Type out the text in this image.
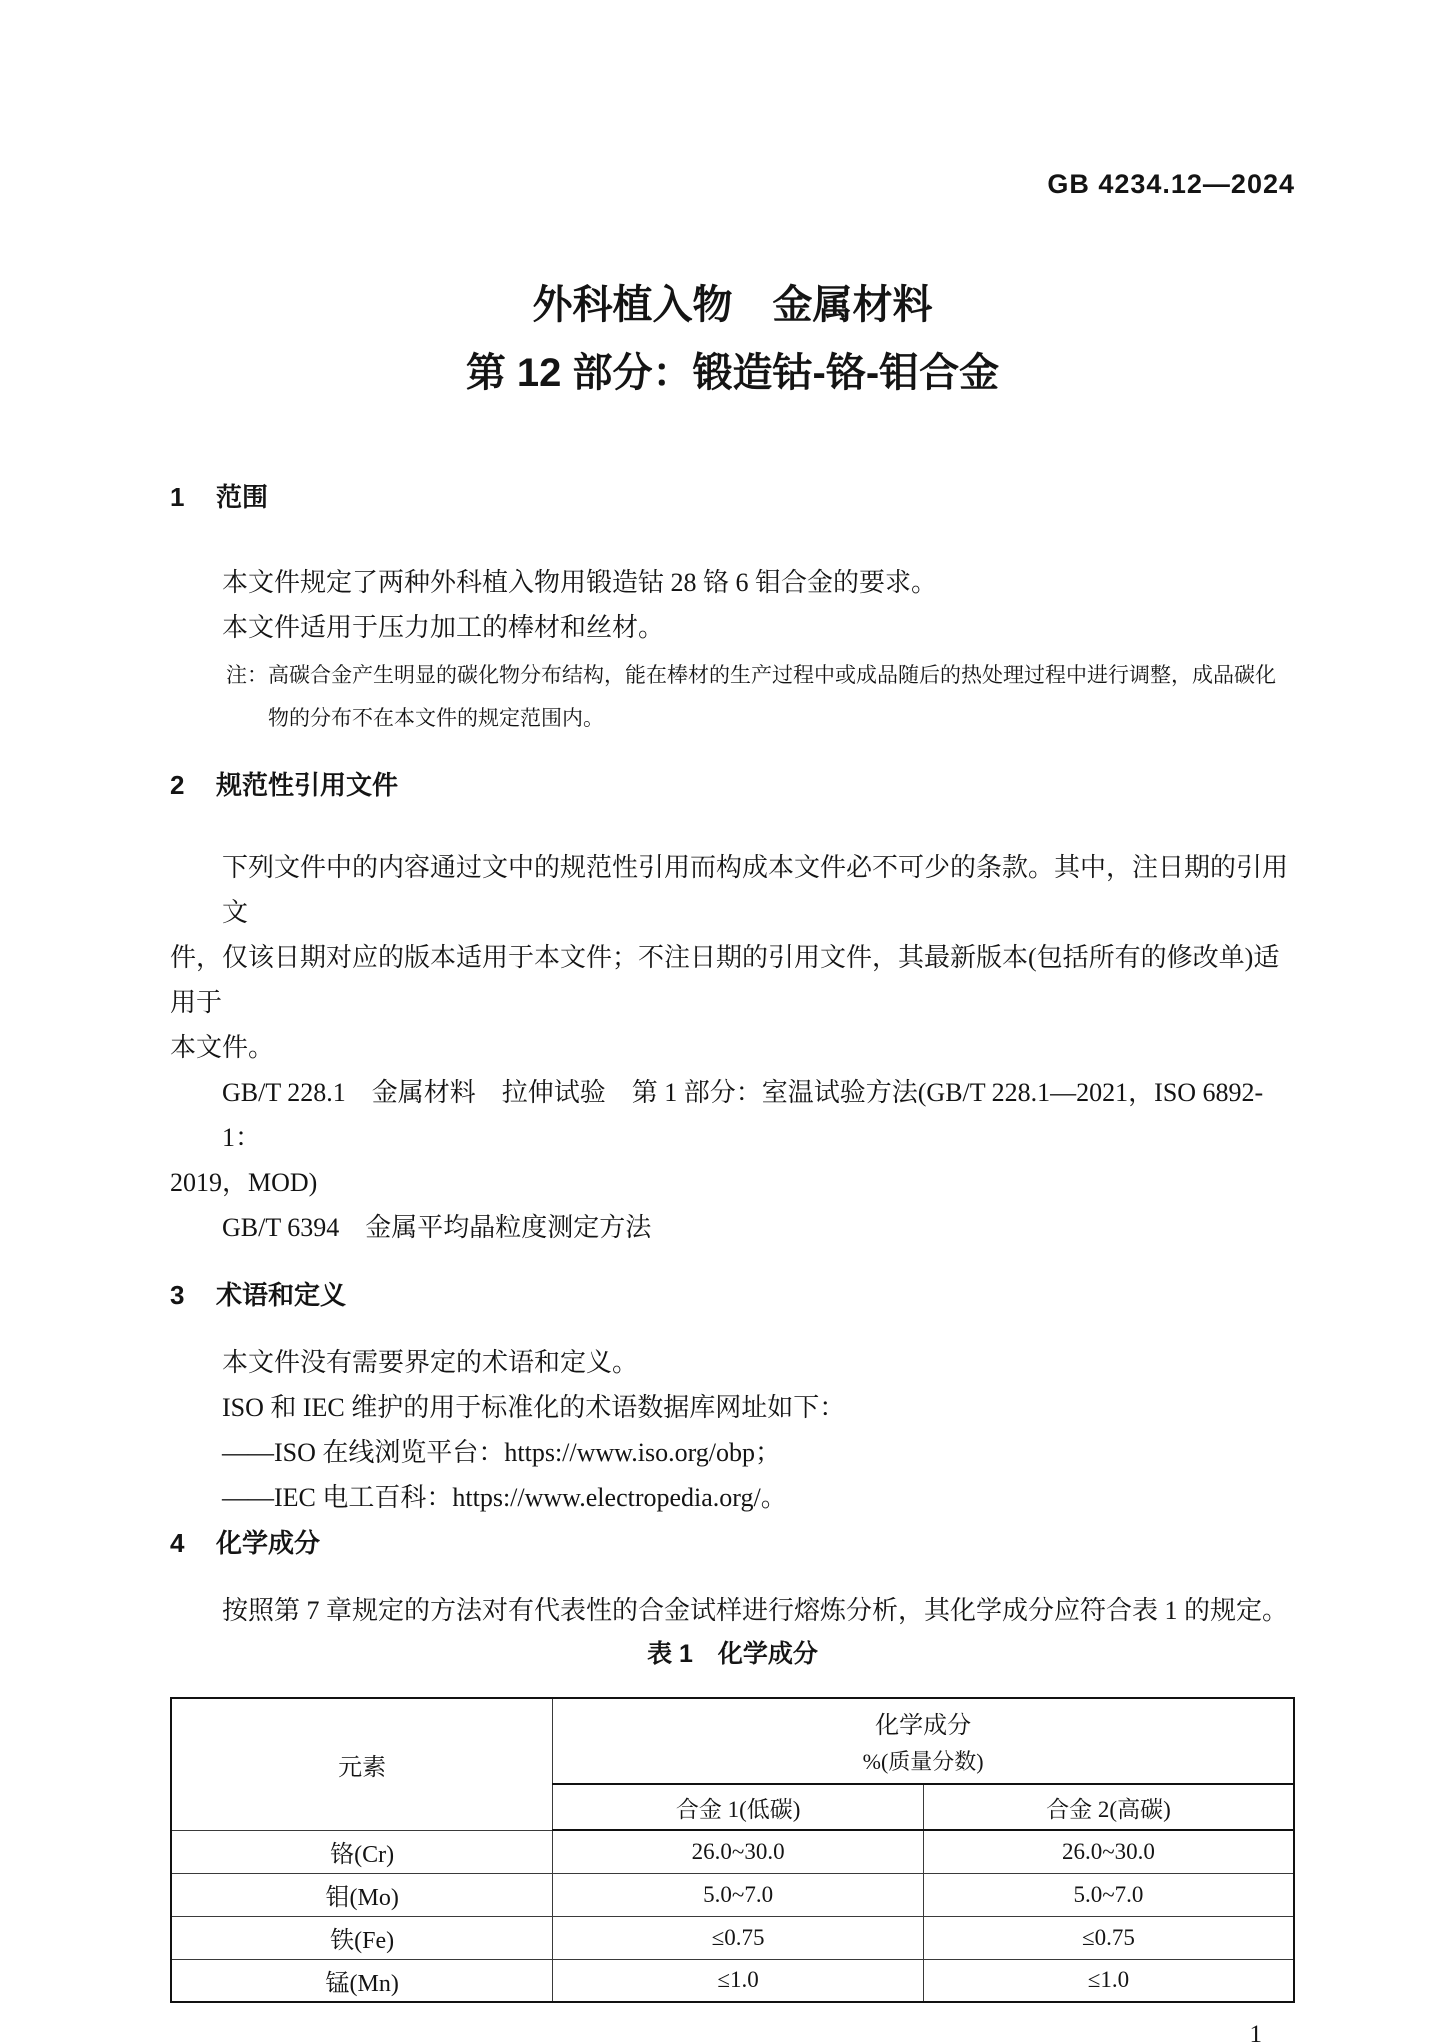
GB 4234.12—2024
外科植入物　金属材料
第 12 部分：锻造钴-铬-钼合金
1 范围

本文件规定了两种外科植入物用锻造钴 28 铬 6 钼合金的要求。

本文件适用于压力加工的棒材和丝材。

注：高碳合金产生明显的碳化物分布结构，能在棒材的生产过程中或成品随后的热处理过程中进行调整，成品碳化

物的分布不在本文件的规定范围内。

2 规范性引用文件

下列文件中的内容通过文中的规范性引用而构成本文件必不可少的条款。其中，注日期的引用文

件，仅该日期对应的版本适用于本文件；不注日期的引用文件，其最新版本(包括所有的修改单)适用于

本文件。

GB/T 228.1　金属材料　拉伸试验　第 1 部分：室温试验方法(GB/T 228.1—2021，ISO 6892-1：

2019，MOD)

GB/T 6394　金属平均晶粒度测定方法

3 术语和定义

本文件没有需要界定的术语和定义。

ISO 和 IEC 维护的用于标准化的术语数据库网址如下：

——ISO 在线浏览平台：https://www.iso.org/obp；

——IEC 电工百科：https://www.electropedia.org/。

4 化学成分

按照第 7 章规定的方法对有代表性的合金试样进行熔炼分析，其化学成分应符合表 1 的规定。

表 1　化学成分
元素	化学成分
%(质量分数)	

	合金 1(低碳)	合金 2(高碳)
铬(Cr)	26.0~30.0	26.0~30.0
钼(Mo)	5.0~7.0	5.0~7.0
铁(Fe)	≤0.75	≤0.75
锰(Mn)	≤1.0	≤1.0
1
